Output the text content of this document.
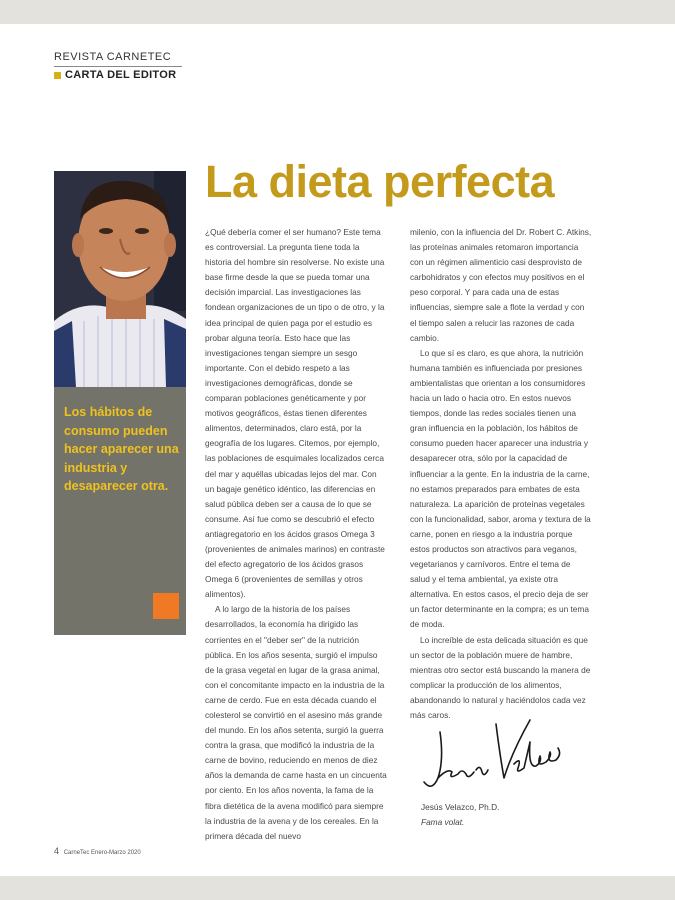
REVISTA CARNETEC
CARTA DEL EDITOR
La dieta perfecta

Los hábitos de consumo pueden hacer aparecer una industria y desaparecer otra.

¿Qué debería comer el ser humano? Este tema es controversial. La pregunta tiene toda la historia del hombre sin resolverse. No existe una base firme desde la que se pueda tomar una decisión imparcial. Las investigaciones las fondean organizaciones de un tipo o de otro, y la idea principal de quien paga por el estudio es probar alguna teoría. Esto hace que las investigaciones tengan siempre un sesgo importante. Con el debido respeto a las investigaciones demográficas, donde se comparan poblaciones genéticamente y por motivos geográficos, éstas tienen diferentes alimentos, determinados, claro está, por la geografía de los lugares. Citemos, por ejemplo, las poblaciones de esquimales localizados cerca del mar y aquéllas ubicadas lejos del mar. Con un bagaje genético idéntico, las diferencias en salud pública deben ser a causa de lo que se consume. Así fue como se descubrió el efecto antiagregatorio en los ácidos grasos Omega 3 (provenientes de animales marinos) en contraste del efecto agregatorio de los ácidos grasos Omega 6 (provenientes de semillas y otros alimentos).

A lo largo de la historia de los países desarrollados, la economía ha dirigido las corrientes en el "deber ser" de la nutrición pública. En los años sesenta, surgió el impulso de la grasa vegetal en lugar de la grasa animal, con el concomitante impacto en la industria de la carne de cerdo. Fue en esta década cuando el colesterol se convirtió en el asesino más grande del mundo. En los años setenta, surgió la guerra contra la grasa, que modificó la industria de la carne de bovino, reduciendo en menos de diez años la demanda de carne hasta en un cincuenta por ciento. En los años noventa, la fama de la fibra dietética de la avena modificó para siempre la industria de la avena y de los cereales. En la primera década del nuevo

milenio, con la influencia del Dr. Robert C. Atkins, las proteínas animales retomaron importancia con un régimen alimenticio casi desprovisto de carbohidratos y con efectos muy positivos en el peso corporal. Y para cada una de estas influencias, siempre sale a flote la verdad y con el tiempo salen a relucir las razones de cada cambio.

Lo que sí es claro, es que ahora, la nutrición humana también es influenciada por presiones ambientalistas que orientan a los consumidores hacia un lado o hacia otro. En estos nuevos tiempos, donde las redes sociales tienen una gran influencia en la población, los hábitos de consumo pueden hacer aparecer una industria y desaparecer otra, sólo por la capacidad de influenciar a la gente. En la industria de la carne, no estamos preparados para embates de esta naturaleza. La aparición de proteínas vegetales con la funcionalidad, sabor, aroma y textura de la carne, ponen en riesgo a la industria porque estos productos son atractivos para veganos, vegetarianos y carnívoros. Entre el tema de salud y el tema ambiental, ya existe otra alternativa. En estos casos, el precio deja de ser un factor determinante en la compra; es un tema de moda.

Lo increíble de esta delicada situación es que un sector de la población muere de hambre, mientras otro sector está buscando la manera de complicar la producción de los alimentos, abandonando lo natural y haciéndolos cada vez más caros.

Jesús Velazco, Ph.D.
Fama volat.
4 CarneTec Enero-Marzo 2020
